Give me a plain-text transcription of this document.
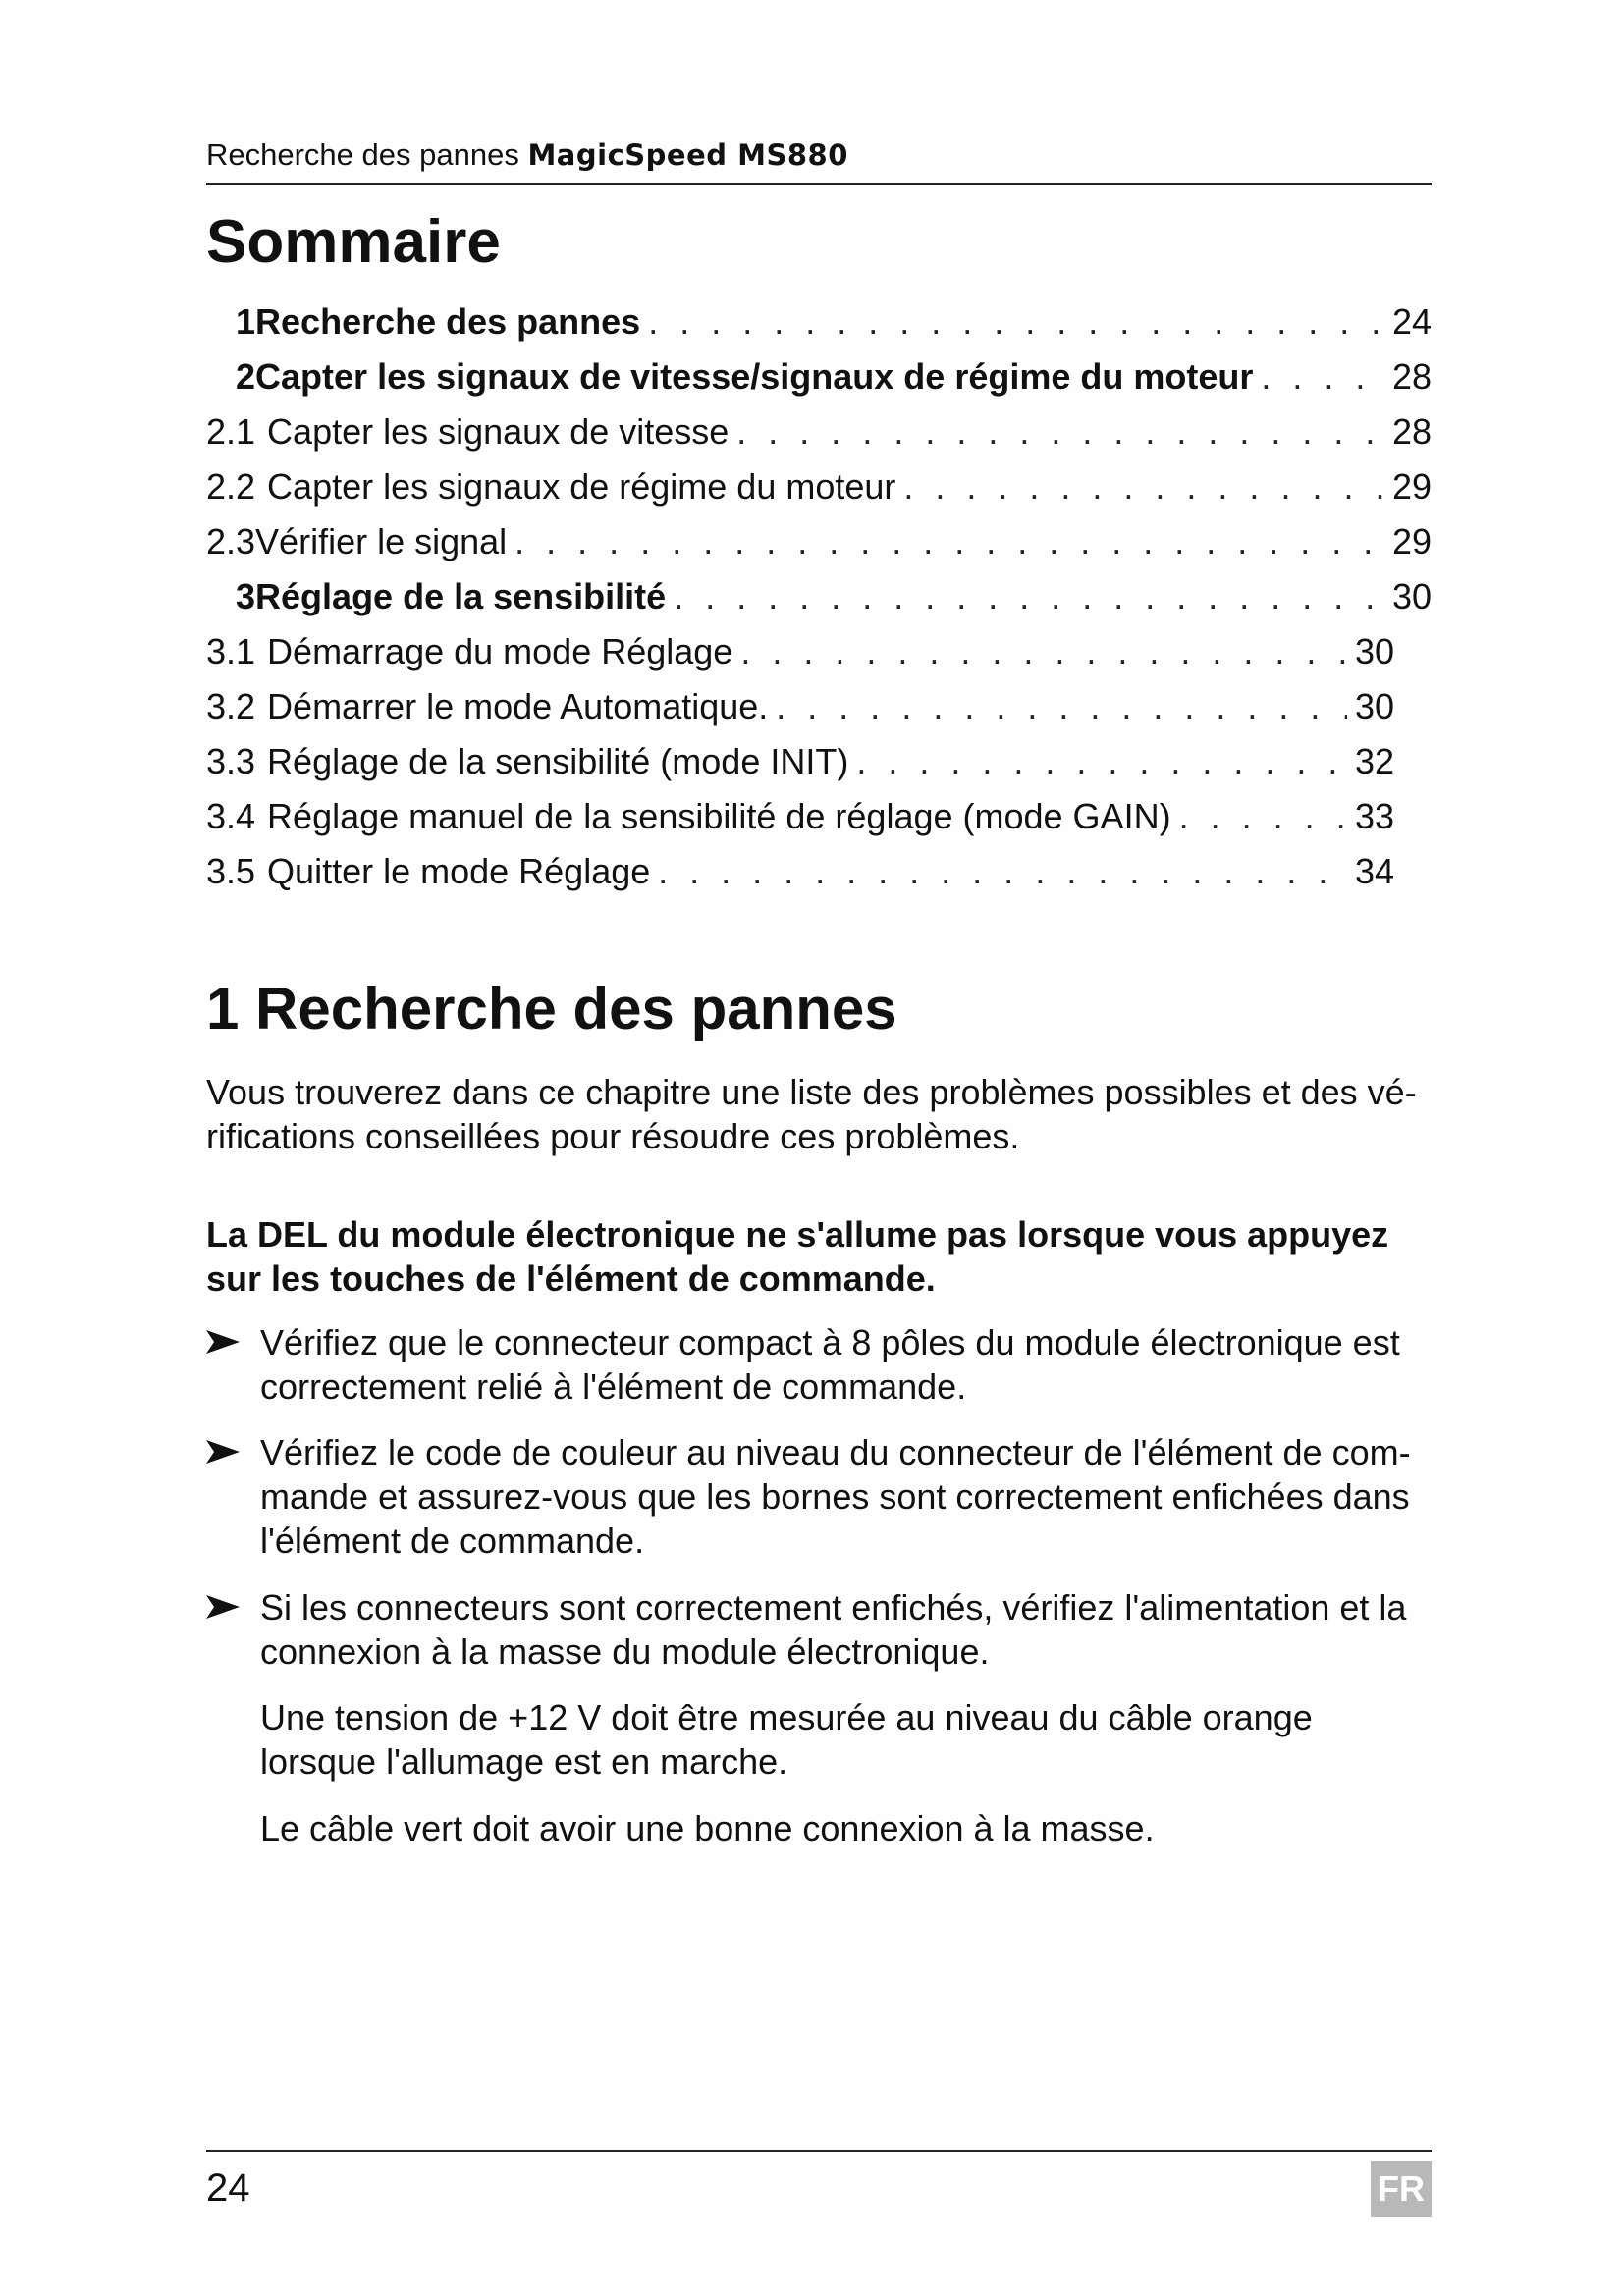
Recherche des pannes MagicSpeed MS880
Sommaire
1 Recherche des pannes . . .	24
2 Capter les signaux de vitesse/signaux de régime du moteur . . .	28
2.1 Capter les signaux de vitesse . . .	28
2.2 Capter les signaux de régime du moteur . . .	29
2.3 Vérifier le signal . . .	29
3 Réglage de la sensibilité . . .	30
3.1 Démarrage du mode Réglage . . .	30
3.2 Démarrer le mode Automatique. . . .	30
3.3 Réglage de la sensibilité (mode INIT) . . .	32
3.4 Réglage manuel de la sensibilité de réglage (mode GAIN) . . .	33
3.5 Quitter le mode Réglage . . .	34
1 Recherche des pannes

Vous trouverez dans ce chapitre une liste des problèmes possibles et des vé-rifications conseillées pour résoudre ces problèmes.

La DEL du module électronique ne s'allume pas lorsque vous appuyez sur les touches de l'élément de commande.

Vérifiez que le connecteur compact à 8 pôles du module électronique est correctement relié à l'élément de commande.

Vérifiez le code de couleur au niveau du connecteur de l'élément de com-mande et assurez-vous que les bornes sont correctement enfichées dans l'élément de commande.

Si les connecteurs sont correctement enfichés, vérifiez l'alimentation et la connexion à la masse du module électronique.

Une tension de +12 V doit être mesurée au niveau du câble orange lorsque l'allumage est en marche.

Le câble vert doit avoir une bonne connexion à la masse.

24	FR
